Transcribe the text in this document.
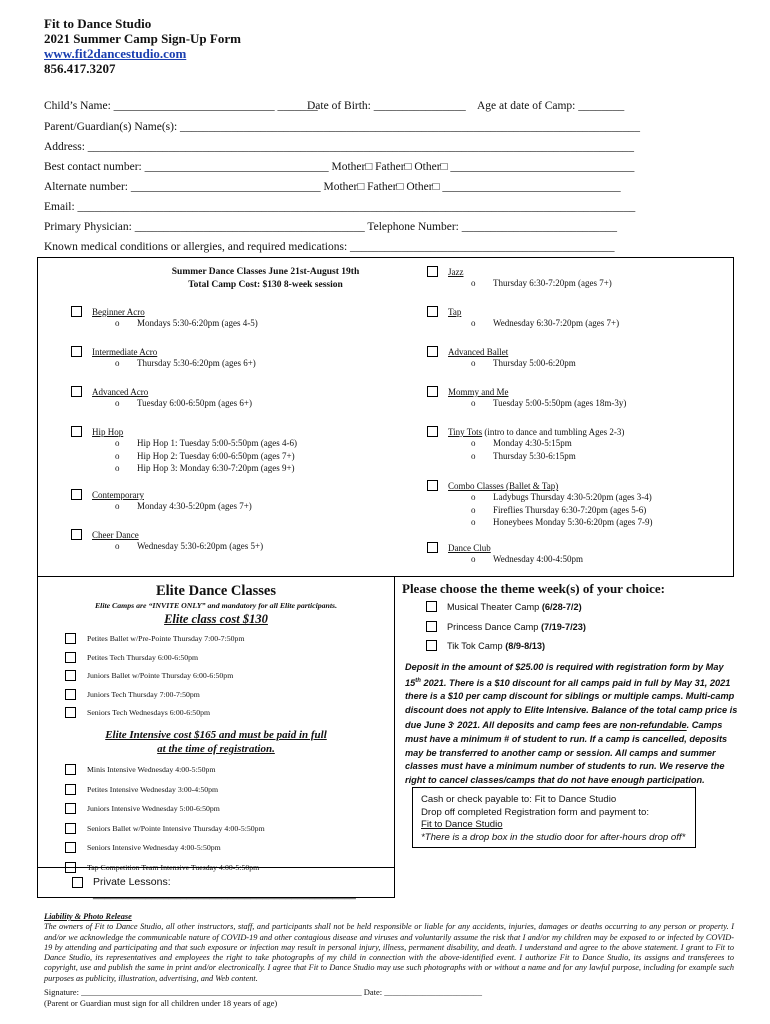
Fit to Dance Studio
2021 Summer Camp Sign-Up Form
www.fit2dancestudio.com
856.417.3207
Child’s Name: ____________________________ _______
Date of Birth: ________________ Age at date of Camp: ________
Parent/Guardian(s) Name(s): ________________________________________________________________________________
Address: _______________________________________________________________________________________________
Best contact number: ________________________________ Mother□ Father□ Other□ ________________________________
Alternate number: _________________________________ Mother□ Father□ Other□ _______________________________
Email: _________________________________________________________________________________________________
Primary Physician: ________________________________________ Telephone Number: ___________________________
Known medical conditions or allergies, and required medications: ______________________________________________
Summer Dance Classes June 21st-August 19th
Total Camp Cost: $130 8-week session
Beginner Acro
o Mondays 5:30-6:20pm (ages 4-5)
Intermediate Acro
o Thursday 5:30-6:20pm (ages 6+)
Advanced Acro
o Tuesday 6:00-6:50pm (ages 6+)
Hip Hop
o Hip Hop 1: Tuesday 5:00-5:50pm (ages 4-6)
o Hip Hop 2: Tuesday 6:00-6:50pm (ages 7+)
o Hip Hop 3: Monday 6:30-7:20pm (ages 9+)
Contemporary
o Monday 4:30-5:20pm (ages 7+)
Cheer Dance
o Wednesday 5:30-6:20pm (ages 5+)
Jazz
o Thursday 6:30-7:20pm (ages 7+)
Tap
o Wednesday 6:30-7:20pm (ages 7+)
Advanced Ballet
o Thursday 5:00-6:20pm
Mommy and Me
o Tuesday 5:00-5:50pm (ages 18m-3y)
Tiny Tots (intro to dance and tumbling Ages 2-3)
o Monday 4:30-5:15pm
o Thursday 5:30-6:15pm
Combo Classes (Ballet & Tap)
o Ladybugs Thursday 4:30-5:20pm (ages 3-4)
o Fireflies Thursday 6:30-7:20pm (ages 5-6)
o Honeybees Monday 5:30-6:20pm (ages 7-9)
Dance Club
o Wednesday 4:00-4:50pm
Elite Dance Classes
Elite Camps are “INVITE ONLY” and mandatory for all Elite participants.
Elite class cost $130
Petites Ballet w/Pre-Pointe Thursday 7:00-7:50pm
Petites Tech Thursday 6:00-6:50pm
Juniors Ballet w/Pointe Thursday 6:00-6:50pm
Juniors Tech Thursday 7:00-7:50pm
Seniors Tech Wednesdays 6:00-6:50pm
Elite Intensive cost $165 and must be paid in full
at the time of registration.
Minis Intensive Wednesday 4:00-5:50pm
Petites Intensive Wednesday 3:00-4:50pm
Juniors Intensive Wednesday 5:00-6:50pm
Seniors Ballet w/Pointe Intensive Thursday 4:00-5:50pm
Seniors Intensive Wednesday 4:00-5:50pm
Tap Competition Team Intensive Tuesday 4:00-5:50pm
Private Lessons: _____________________________________________
Please choose the theme week(s) of your choice:
Musical Theater Camp (6/28-7/2)
Princess Dance Camp (7/19-7/23)
Tik Tok Camp (8/9-8/13)
Deposit in the amount of $25.00 is required with registration form by May 15th 2021. There is a $10 discount for all camps paid in full by May 31, 2021 there is a $10 per camp discount for siblings or multiple camps. Multi-camp discount does not apply to Elite Intensive. Balance of the total camp price is due June 3, 2021. All deposits and camp fees are non-refundable. Camps must have a minimum # of student to run. If a camp is cancelled, deposits may be transferred to another camp or session. All camps and summer classes must have a minimum number of students to run. We reserve the right to cancel classes/camps that do not have enough participation.
Cash or check payable to: Fit to Dance Studio
Drop off completed Registration form and payment to:
Fit to Dance Studio
*There is a drop box in the studio door for after-hours drop off*
Liability & Photo Release
The owners of Fit to Dance Studio, all other instructors, staff, and participants shall not be held responsible or liable for any accidents, injuries, damages or deaths occurring to any person or property. I and/or we acknowledge the communicable nature of COVID-19 and other contagious disease and viruses and voluntarily assume the risk that I and/or my children may be exposed to or infected by COVID-19 by attending and participating and that such exposure or infection may result in personal injury, illness, permanent disability, and death. I understand and agree to the above statement. I grant to Fit to Dance Studio, its representatives and employees the right to take photographs of my child in connection with the above-identified event. I authorize Fit to Dance Studio, its assigns and transferees to copyright, use and publish the same in print and/or electronically. I agree that Fit to Dance Studio may use such photographs with or without a name and for any lawful purpose, including for example such purposes as publicity, illustration, advertising, and Web content.
Signature: __________________________________________________________________ Date: _______________________
(Parent or Guardian must sign for all children under 18 years of age)
